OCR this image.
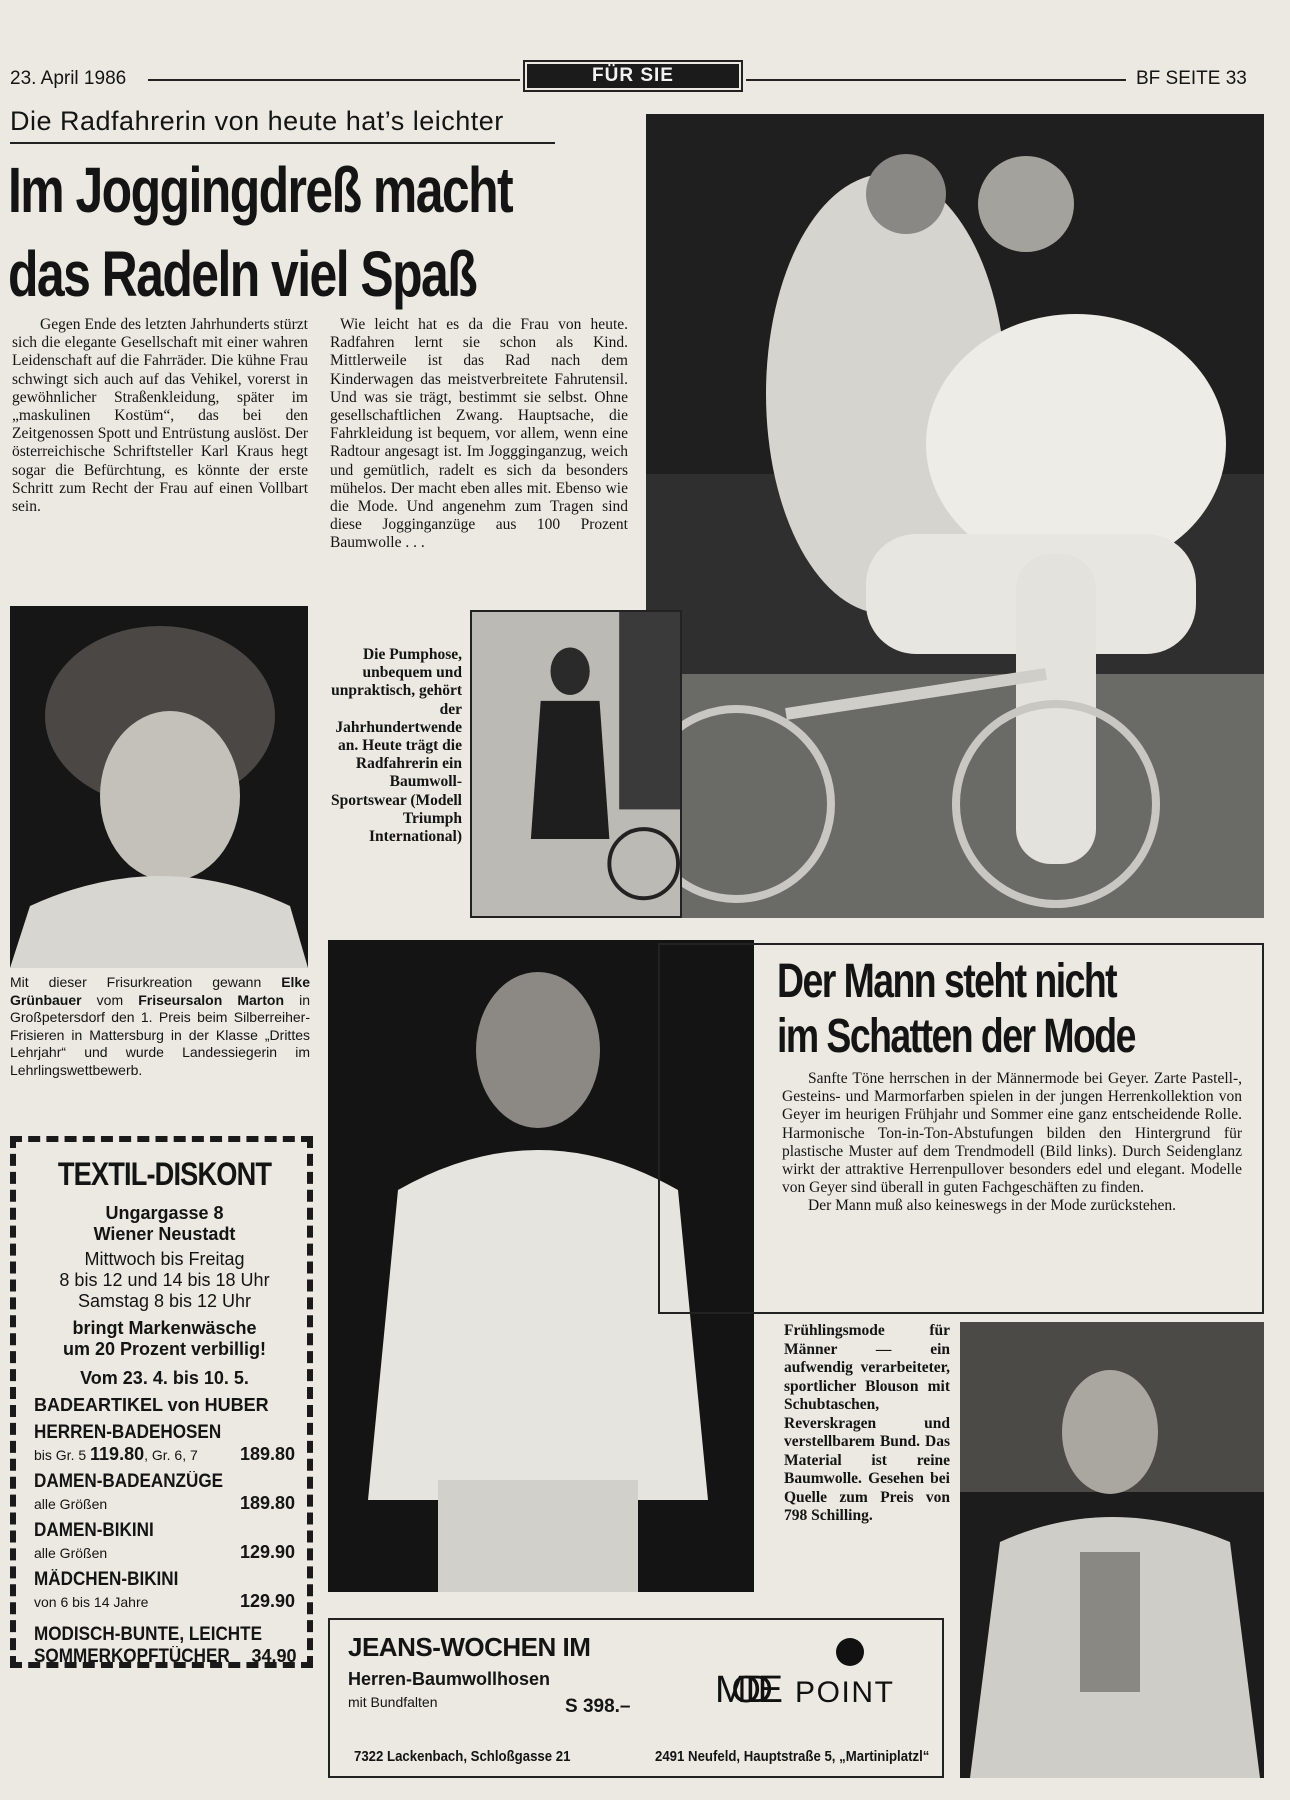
23. April 1986	FÜR SIE	BF SEITE 33
Die Radfahrerin von heute hat’s leichter
Im Joggingdreß macht
das Radeln viel Spaß
Gegen Ende des letzten Jahrhunderts stürzt sich die elegante Gesellschaft mit einer wahren Leidenschaft auf die Fahrräder. Die kühne Frau schwingt sich auch auf das Vehikel, vorerst in gewöhnlicher Straßenkleidung, später im „maskulinen Kostüm“, das bei den Zeitgenossen Spott und Entrüstung auslöst. Der österreichische Schriftsteller Karl Kraus hegt sogar die Befürchtung, es könnte der erste Schritt zum Recht der Frau auf einen Vollbart sein.
Wie leicht hat es da die Frau von heute. Radfahren lernt sie schon als Kind. Mittlerweile ist das Rad nach dem Kinderwagen das meistverbreitete Fahrutensil. Und was sie trägt, bestimmt sie selbst. Ohne gesellschaftlichen Zwang. Hauptsache, die Fahrkleidung ist bequem, vor allem, wenn eine Radtour angesagt ist. Im Joggginganzug, weich und gemütlich, radelt es sich da besonders mühelos. Der macht eben alles mit. Ebenso wie die Mode. Und angenehm zum Tragen sind diese Jogginganzüge aus 100 Prozent Baumwolle . . .
Die Pumphose, unbequem und unpraktisch, gehört der Jahrhundertwende an. Heute trägt die Radfahrerin ein Baumwoll-Sportswear (Modell Triumph International)
Mit dieser Frisurkreation gewann Elke Grünbauer vom Friseursalon Marton in Großpetersdorf den 1. Preis beim Silberreiher-Frisieren in Mattersburg in der Klasse „Drittes Lehrjahr“ und wurde Landessiegerin im Lehrlingswettbewerb.
TEXTIL-DISKONT
Ungargasse 8
Wiener Neustadt
Mittwoch bis Freitag
8 bis 12 und 14 bis 18 Uhr
Samstag 8 bis 12 Uhr
bringt Markenwäsche
um 20 Prozent verbillig!
Vom 23. 4. bis 10. 5.
BADEARTIKEL von HUBER
HERREN-BADEHOSEN
bis Gr. 5 119.80, Gr. 6, 7 189.80
DAMEN-BADEANZÜGE
alle Größen	189.80
DAMEN-BIKINI
alle Größen	129.90
MÄDCHEN-BIKINI
von 6 bis 14 Jahre	129.90
MODISCH-BUNTE, LEICHTE
SOMMERKOPFTÜCHER 34.90
Der Mann steht nicht
im Schatten der Mode
Sanfte Töne herrschen in der Männermode bei Geyer. Zarte Pastell-, Gesteins- und Marmorfarben spielen in der jungen Herrenkollektion von Geyer im heurigen Frühjahr und Sommer eine ganz entscheidende Rolle. Harmonische Ton-in-Ton-Abstufungen bilden den Hintergrund für plastische Muster auf dem Trendmodell (Bild links). Durch Seidenglanz wirkt der attraktive Herrenpullover besonders edel und elegant. Modelle von Geyer sind überall in guten Fachgeschäften zu finden.
Der Mann muß also keineswegs in der Mode zurückstehen.
Frühlingsmode für Männer — ein aufwendig verarbeiteter, sportlicher Blouson mit Schubtaschen, Reverskragen und verstellbarem Bund. Das Material ist reine Baumwolle. Gesehen bei Quelle zum Preis von 798 Schilling.
JEANS-WOCHEN IM
Herren-Baumwollhosen
mit Bundfalten	S 398.– MODE POINT
7322 Lackenbach, Schloßgasse 21	2491 Neufeld, Hauptstraße 5, „Martiniplatzl“
